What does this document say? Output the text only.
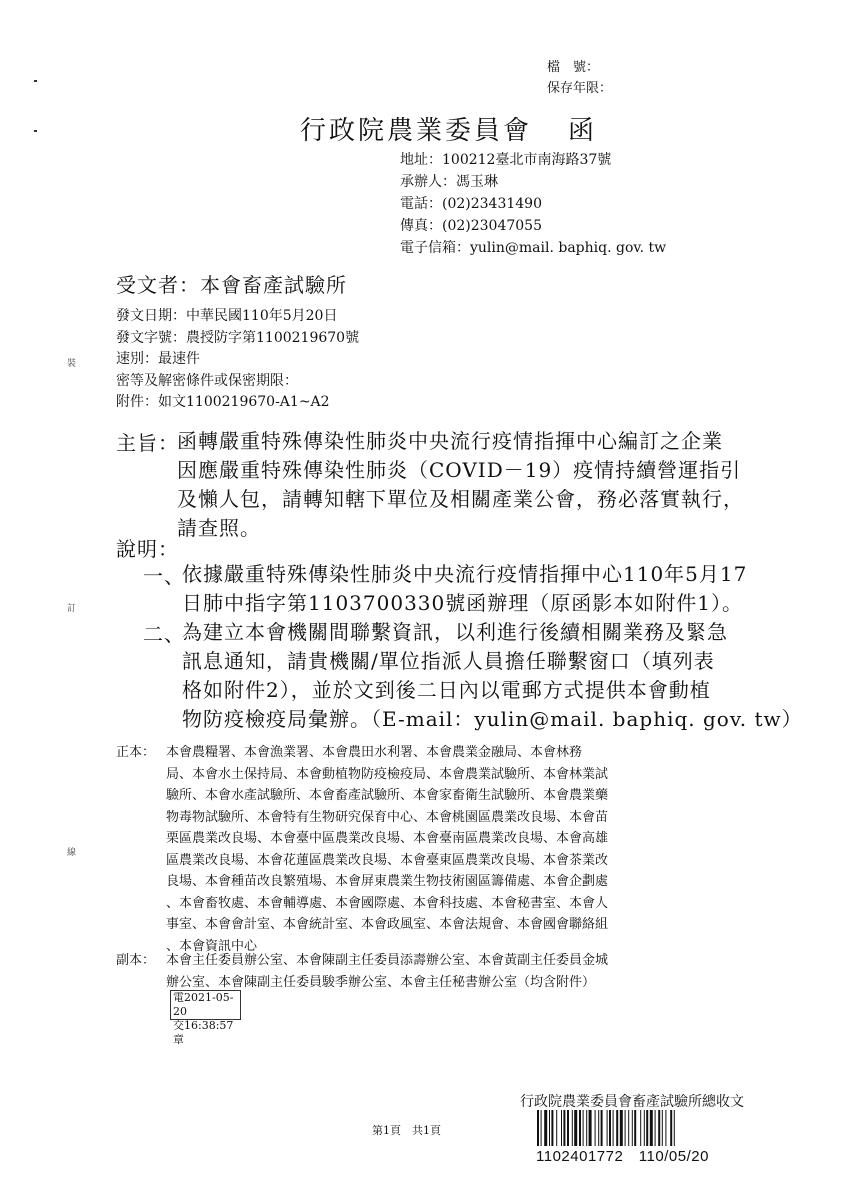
裝
訂
線
檔　號：
保存年限：
行政院農業委員會 函
地址：100212臺北市南海路37號
承辦人：馮玉琳
電話：(02)23431490
傳真：(02)23047055
電子信箱：yulin@mail. baphiq. gov. tw
受文者：本會畜產試驗所
發文日期：中華民國110年5月20日
發文字號：農授防字第1100219670號
速別：最速件
密等及解密條件或保密期限：
附件：如文1100219670-A1~A2
主旨：
函轉嚴重特殊傳染性肺炎中央流行疫情指揮中心編訂之企業
因應嚴重特殊傳染性肺炎（COVID－19）疫情持續營運指引
及懶人包，請轉知轄下單位及相關產業公會，務必落實執行，
請查照。
說明：
一、
依據嚴重特殊傳染性肺炎中央流行疫情指揮中心110年5月17
日肺中指字第1103700330號函辦理（原函影本如附件1）。
二、
為建立本會機關間聯繫資訊，以利進行後續相關業務及緊急
訊息通知，請貴機關/單位指派人員擔任聯繫窗口（填列表
格如附件2），並於文到後二日內以電郵方式提供本會動植
物防疫檢疫局彙辦。（E-mail：yulin@mail. baphiq. gov. tw）
正本： 本會農糧署、本會漁業署、本會農田水利署、本會農業金融局、本會林務
局、本會水土保持局、本會動植物防疫檢疫局、本會農業試驗所、本會林業試
驗所、本會水產試驗所、本會畜產試驗所、本會家畜衛生試驗所、本會農業藥
物毒物試驗所、本會特有生物研究保育中心、本會桃園區農業改良場、本會苗
栗區農業改良場、本會臺中區農業改良場、本會臺南區農業改良場、本會高雄
區農業改良場、本會花蓮區農業改良場、本會臺東區農業改良場、本會茶業改
良場、本會種苗改良繁殖場、本會屏東農業生物技術園區籌備處、本會企劃處
、本會畜牧處、本會輔導處、本會國際處、本會科技處、本會秘書室、本會人
事室、本會會計室、本會統計室、本會政風室、本會法規會、本會國會聯絡組
、本會資訊中心
副本： 本會主任委員辦公室、本會陳副主任委員添壽辦公室、本會黃副主任委員金城
辦公室、本會陳副主任委員駿季辦公室、本會主任秘書辦公室（均含附件）
電2021-05-20
交16:38:57章
第1頁　共1頁
行政院農業委員會畜產試驗所總收文
1102401772　110/05/20
